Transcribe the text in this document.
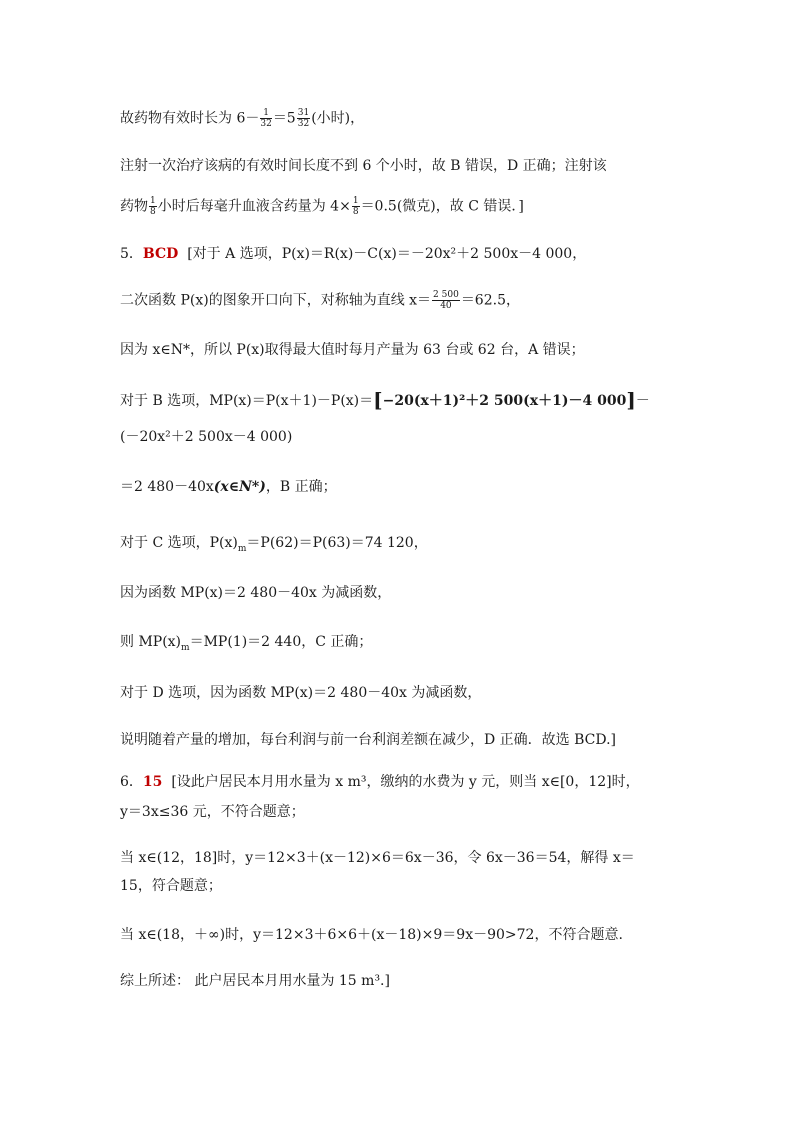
故药物有效时长为 $6- \frac{1}{32} =5 \frac{31}{32}$ (小时)，
注射一次治疗该病的有效时间长度不到 6 个小时，故 B 错误，D 正确；注射该
药物 $\frac{1}{8}$ 小时后每毫升血液含药量为 $4\times \frac{1}{8} =0.5$(微克)，故 C 错误．]
5．BCD [对于 A 选项，P(x)＝R(x)－C(x)＝－20x²＋2 500x－4 000，
二次函数 P(x)的图象开口向下，对称轴为直线 $x= \frac{2 500}{40} =62.5$，
因为 x∈N*，所以 P(x)取得最大值时每月产量为 63 台或 62 台，A 错误；
对于 B 选项，MP(x)＝P(x＋1)－P(x)＝[−20(x＋1)²＋2 500(x＋1)－4 000]－
(－20x²＋2 500x－4 000)
＝2 480－40x(x∈N*)，B 正确；
对于 C 选项，$P(x)_m=P(62)=P(63)=74$ 120，
因为函数 MP(x)＝2 480－40x 为减函数，
则 $MP(x)_m=MP(1)=2$ 440，C 正确；
对于 D 选项，因为函数 MP(x)＝2 480－40x 为减函数，
说明随着产量的增加，每台利润与前一台利润差额在减少，D 正确．故选 BCD.]
6．15 [设此户居民本月用水量为 x m³，缴纳的水费为 y 元，则当 x∈[0，12]时，
y＝3x≤36 元，不符合题意；
当 x∈(12，18]时，y＝12×3＋(x－12)×6＝6x－36，令 6x－36＝54，解得 x＝
15，符合题意；
当 x∈(18，＋∞)时，y＝12×3＋6×6＋(x－18)×9＝9x－90>72，不符合题意.
综上所述： 此户居民本月用水量为 15 m³.]
